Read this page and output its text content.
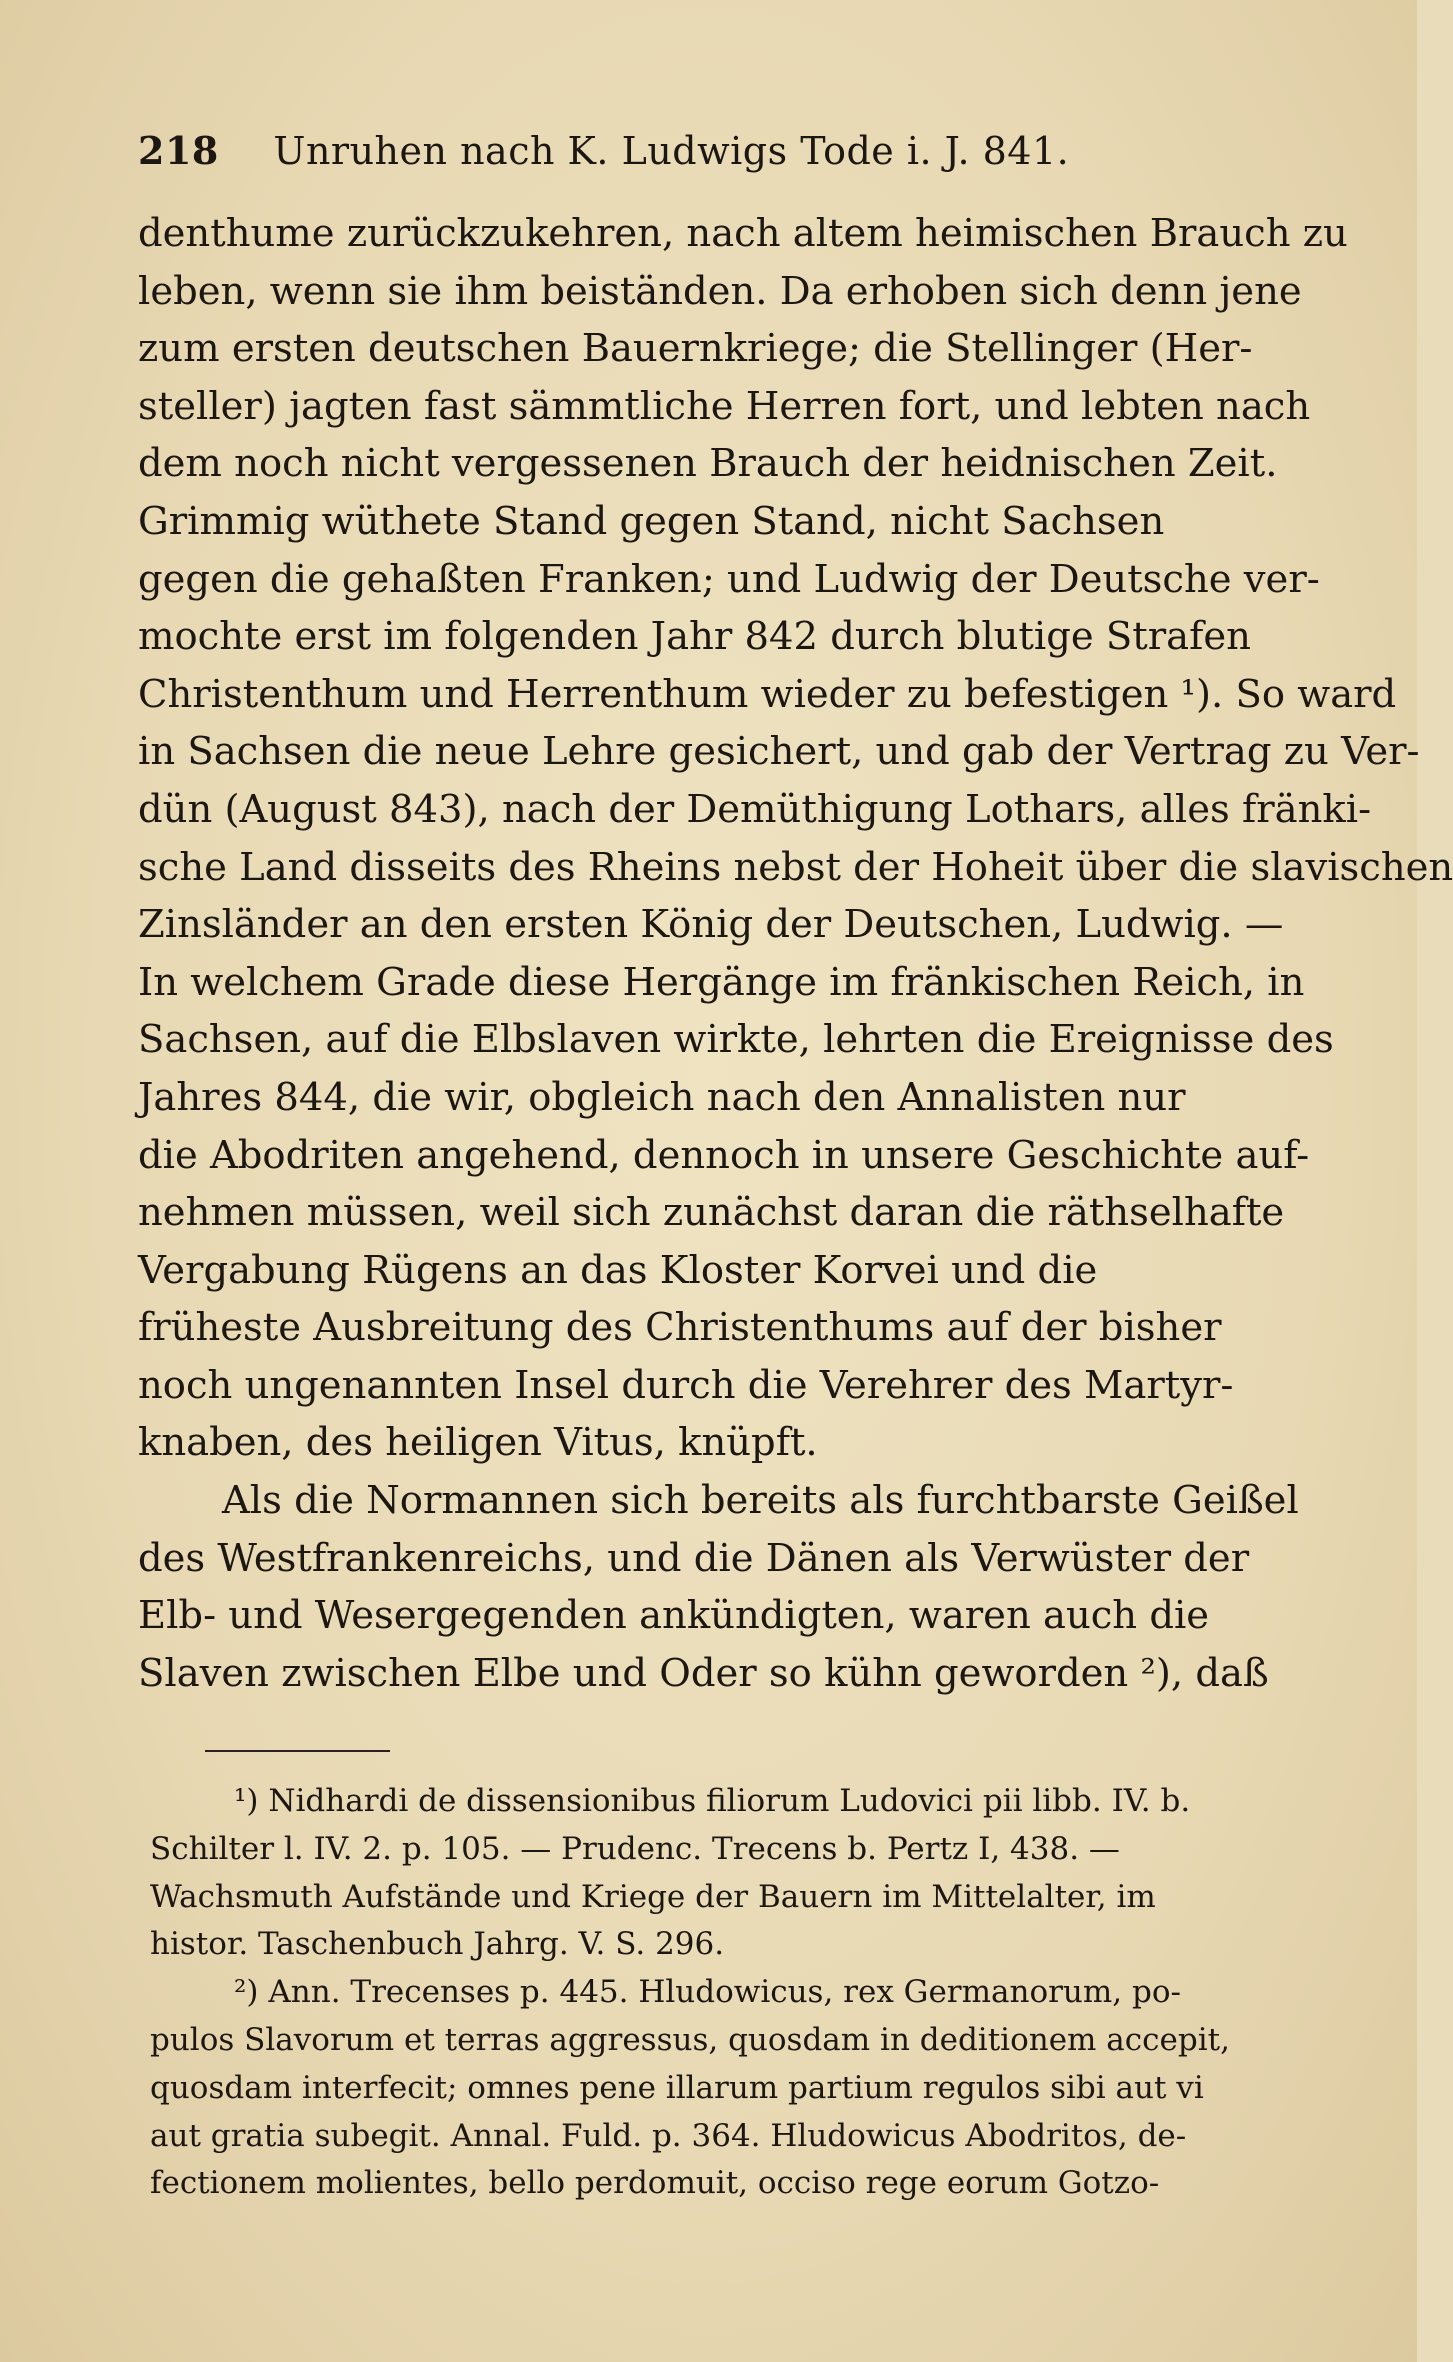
218 Unruhen nach K. Ludwigs Tode i. J. 841.
denthume zurückzukehren, nach altem heimischen Brauch zu
leben, wenn sie ihm beiständen. Da erhoben sich denn jene
zum ersten deutschen Bauernkriege; die Stellinger (Her-
steller) jagten fast sämmtliche Herren fort, und lebten nach
dem noch nicht vergessenen Brauch der heidnischen Zeit.
Grimmig wüthete Stand gegen Stand, nicht Sachsen
gegen die gehaßten Franken; und Ludwig der Deutsche ver-
mochte erst im folgenden Jahr 842 durch blutige Strafen
Christenthum und Herrenthum wieder zu befestigen ¹). So ward
in Sachsen die neue Lehre gesichert, und gab der Vertrag zu Ver-
dün (August 843), nach der Demüthigung Lothars, alles fränki-
sche Land disseits des Rheins nebst der Hoheit über die slavischen
Zinsländer an den ersten König der Deutschen, Ludwig. —
In welchem Grade diese Hergänge im fränkischen Reich, in
Sachsen, auf die Elbslaven wirkte, lehrten die Ereignisse des
Jahres 844, die wir, obgleich nach den Annalisten nur
die Abodriten angehend, dennoch in unsere Geschichte auf-
nehmen müssen, weil sich zunächst daran die räthselhafte
Vergabung Rügens an das Kloster Korvei und die
früheste Ausbreitung des Christenthums auf der bisher
noch ungenannten Insel durch die Verehrer des Martyr-
knaben, des heiligen Vitus, knüpft.
Als die Normannen sich bereits als furchtbarste Geißel
des Westfrankenreichs, und die Dänen als Verwüster der
Elb- und Wesergegenden ankündigten, waren auch die
Slaven zwischen Elbe und Oder so kühn geworden ²), daß
¹) Nidhardi de dissensionibus filiorum Ludovici pii libb. IV. b.
Schilter l. IV. 2. p. 105. — Prudenc. Trecens b. Pertz I, 438. —
Wachsmuth Aufstände und Kriege der Bauern im Mittelalter, im
histor. Taschenbuch Jahrg. V. S. 296.
²) Ann. Trecenses p. 445. Hludowicus, rex Germanorum, po-
pulos Slavorum et terras aggressus, quosdam in deditionem accepit,
quosdam interfecit; omnes pene illarum partium regulos sibi aut vi
aut gratia subegit. Annal. Fuld. p. 364. Hludowicus Abodritos, de-
fectionem molientes, bello perdomuit, occiso rege eorum Gotzo-
